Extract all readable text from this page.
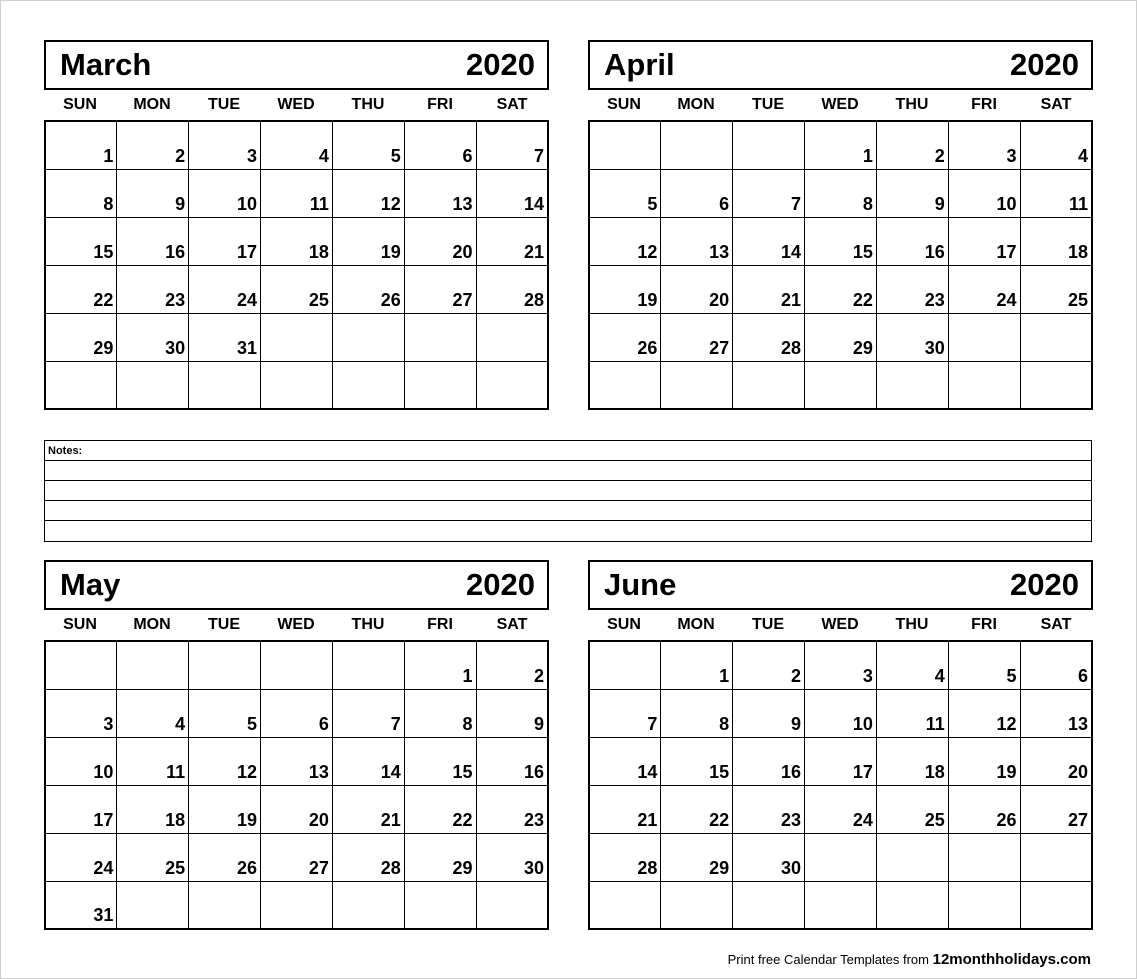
March	2020
SUN	MON	TUE	WED	THU	FRI	SAT
1	2	3	4	5	6	7
8	9	10	11	12	13	14
15	16	17	18	19	20	21
22	23	24	25	26	27	28
29	30	31				

April	2020
SUN	MON	TUE	WED	THU	FRI	SAT
			1	2	3	4
5	6	7	8	9	10	11
12	13	14	15	16	17	18
19	20	21	22	23	24	25
26	27	28	29	30		

May	2020
SUN	MON	TUE	WED	THU	FRI	SAT
					1	2
3	4	5	6	7	8	9
10	11	12	13	14	15	16
17	18	19	20	21	22	23
24	25	26	27	28	29	30
31						
June	2020
SUN	MON	TUE	WED	THU	FRI	SAT
	1	2	3	4	5	6
7	8	9	10	11	12	13
14	15	16	17	18	19	20
21	22	23	24	25	26	27
28	29	30				

Notes:
Print free Calendar Templates from 12monthholidays.com
